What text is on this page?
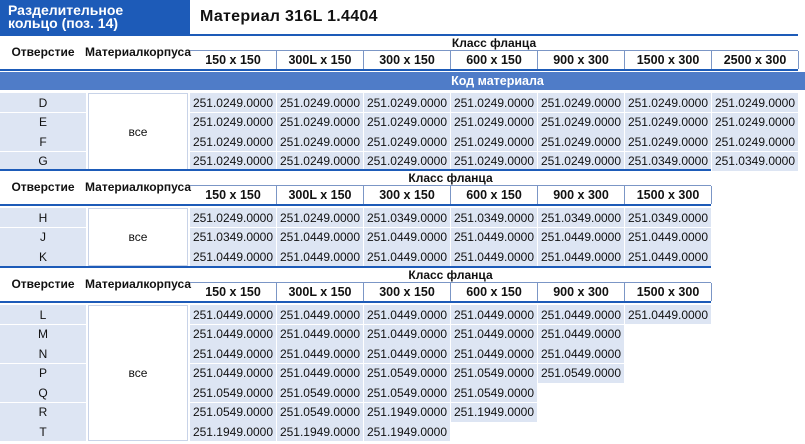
Разделительное
кольцо (поз. 14)	Материал 316L 1.4404
Отверстие Материал корпуса
Класс фланца
150 x 150	300L x 150	300 x 150	600 x 150	900 x 300	1500 x 300	2500 x 300
Код материала
D	251.0249.0000 251.0249.0000 251.0249.0000 251.0249.0000 251.0249.0000 251.0249.0000 251.0249.0000
E	251.0249.0000 251.0249.0000 251.0249.0000 251.0249.0000 251.0249.0000 251.0249.0000 251.0249.0000
F	251.0249.0000 251.0249.0000 251.0249.0000 251.0249.0000 251.0249.0000 251.0249.0000 251.0249.0000
G	251.0249.0000 251.0249.0000 251.0249.0000 251.0249.0000 251.0249.0000 251.0349.0000 251.0349.0000
все
Отверстие Материал корпуса
Класс фланца
150 x 150	300L x 150	300 x 150	600 x 150	900 x 300	1500 x 300
H	251.0249.0000 251.0249.0000 251.0349.0000 251.0349.0000 251.0349.0000 251.0349.0000
J	251.0349.0000 251.0449.0000 251.0449.0000 251.0449.0000 251.0449.0000 251.0449.0000
K	251.0449.0000 251.0449.0000 251.0449.0000 251.0449.0000 251.0449.0000 251.0449.0000
все
Отверстие Материал корпуса
Класс фланца
150 x 150	300L x 150	300 x 150	600 x 150	900 x 300	1500 x 300
L	251.0449.0000 251.0449.0000 251.0449.0000 251.0449.0000 251.0449.0000 251.0449.0000
M	251.0449.0000 251.0449.0000 251.0449.0000 251.0449.0000 251.0449.0000
N	251.0449.0000 251.0449.0000 251.0449.0000 251.0449.0000 251.0449.0000
P	251.0449.0000 251.0449.0000 251.0549.0000 251.0549.0000 251.0549.0000
Q	251.0549.0000 251.0549.0000 251.0549.0000 251.0549.0000
R	251.0549.0000 251.0549.0000 251.1949.0000 251.1949.0000
T	251.1949.0000 251.1949.0000 251.1949.0000
все
